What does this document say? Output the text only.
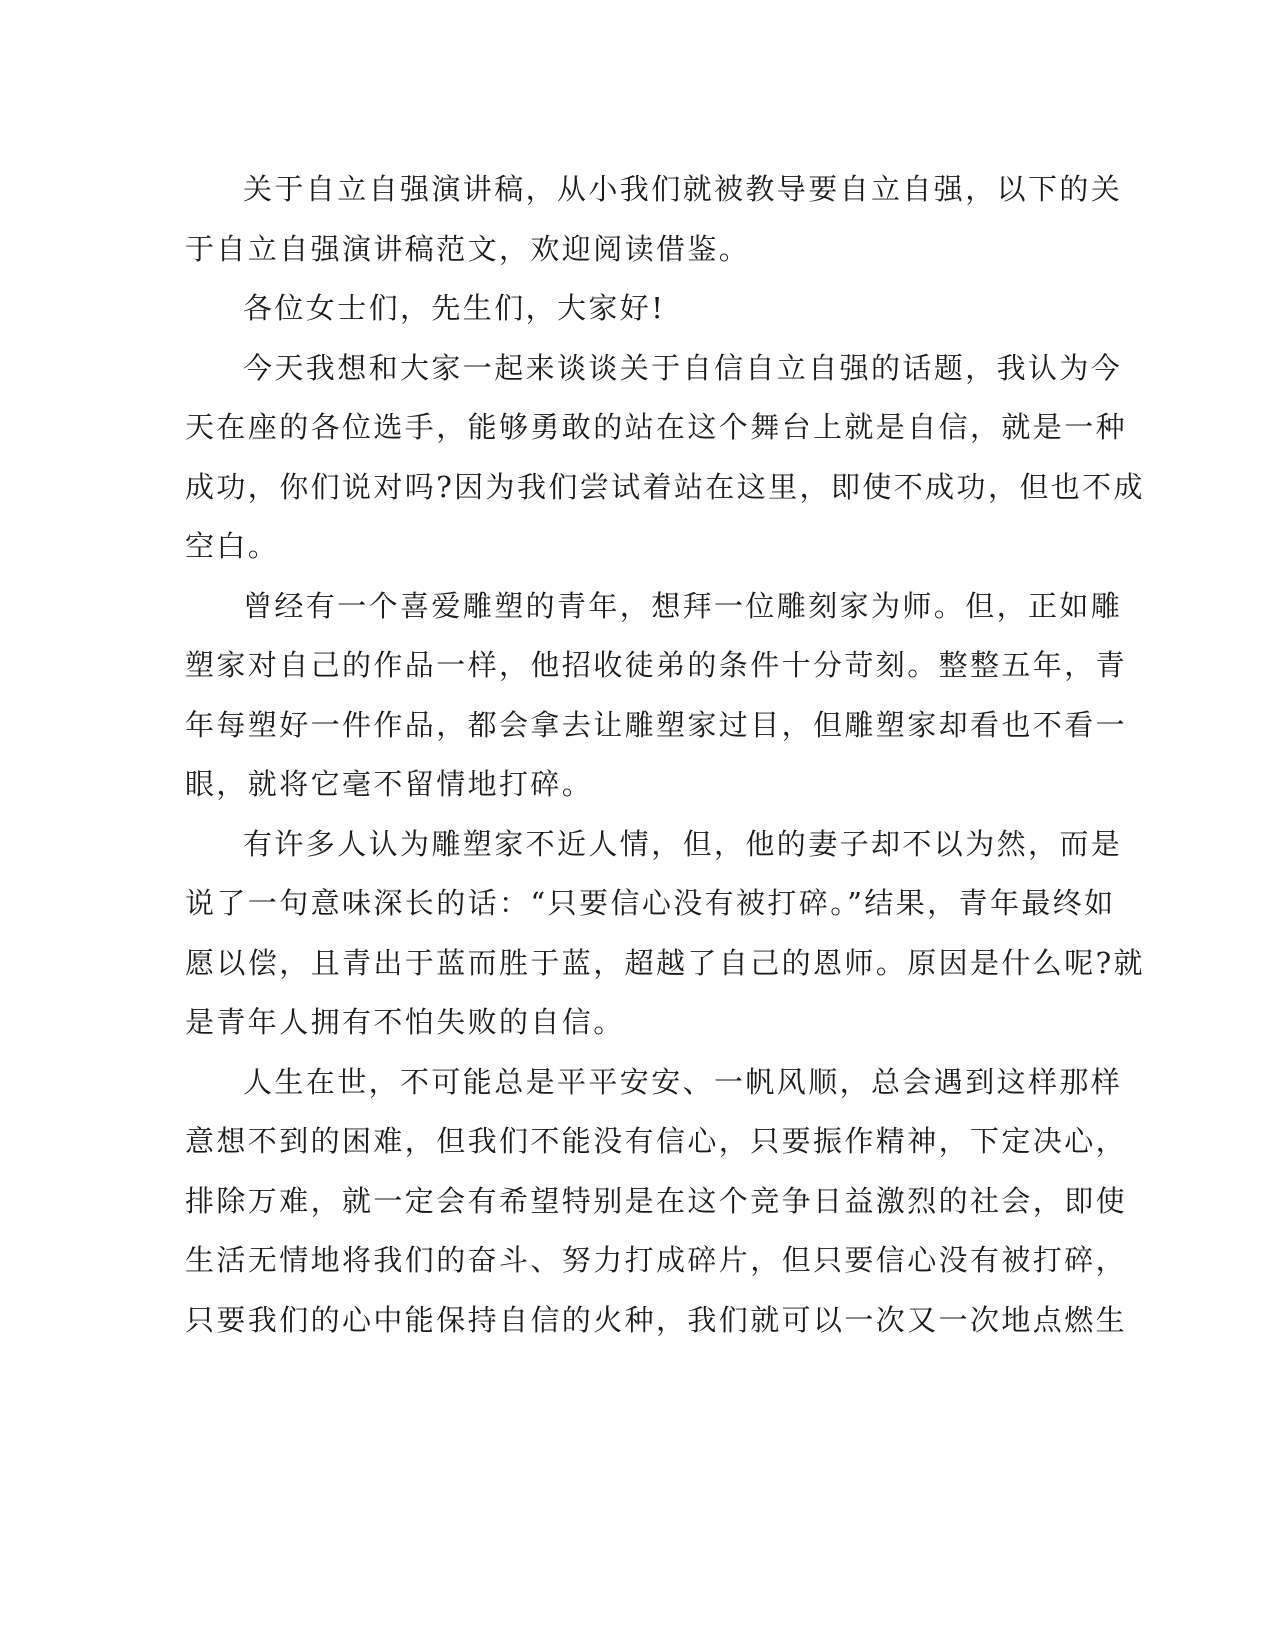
关于自立自强演讲稿，从小我们就被教导要自立自强，以下的关
于自立自强演讲稿范文，欢迎阅读借鉴。

各位女士们，先生们，大家好!

今天我想和大家一起来谈谈关于自信自立自强的话题，我认为今
天在座的各位选手，能够勇敢的站在这个舞台上就是自信，就是一种
成功，你们说对吗?因为我们尝试着站在这里，即使不成功，但也不成
空白。

曾经有一个喜爱雕塑的青年，想拜一位雕刻家为师。但，正如雕
塑家对自己的作品一样，他招收徒弟的条件十分苛刻。整整五年，青
年每塑好一件作品，都会拿去让雕塑家过目，但雕塑家却看也不看一
眼，就将它毫不留情地打碎。

有许多人认为雕塑家不近人情，但，他的妻子却不以为然，而是
说了一句意味深长的话：“只要信心没有被打碎。”结果，青年最终如
愿以偿，且青出于蓝而胜于蓝，超越了自己的恩师。原因是什么呢?就
是青年人拥有不怕失败的自信。

人生在世，不可能总是平平安安、一帆风顺，总会遇到这样那样
意想不到的困难，但我们不能没有信心，只要振作精神，下定决心，
排除万难，就一定会有希望特别是在这个竞争日益激烈的社会，即使
生活无情地将我们的奋斗、努力打成碎片，但只要信心没有被打碎，
只要我们的心中能保持自信的火种，我们就可以一次又一次地点燃生
